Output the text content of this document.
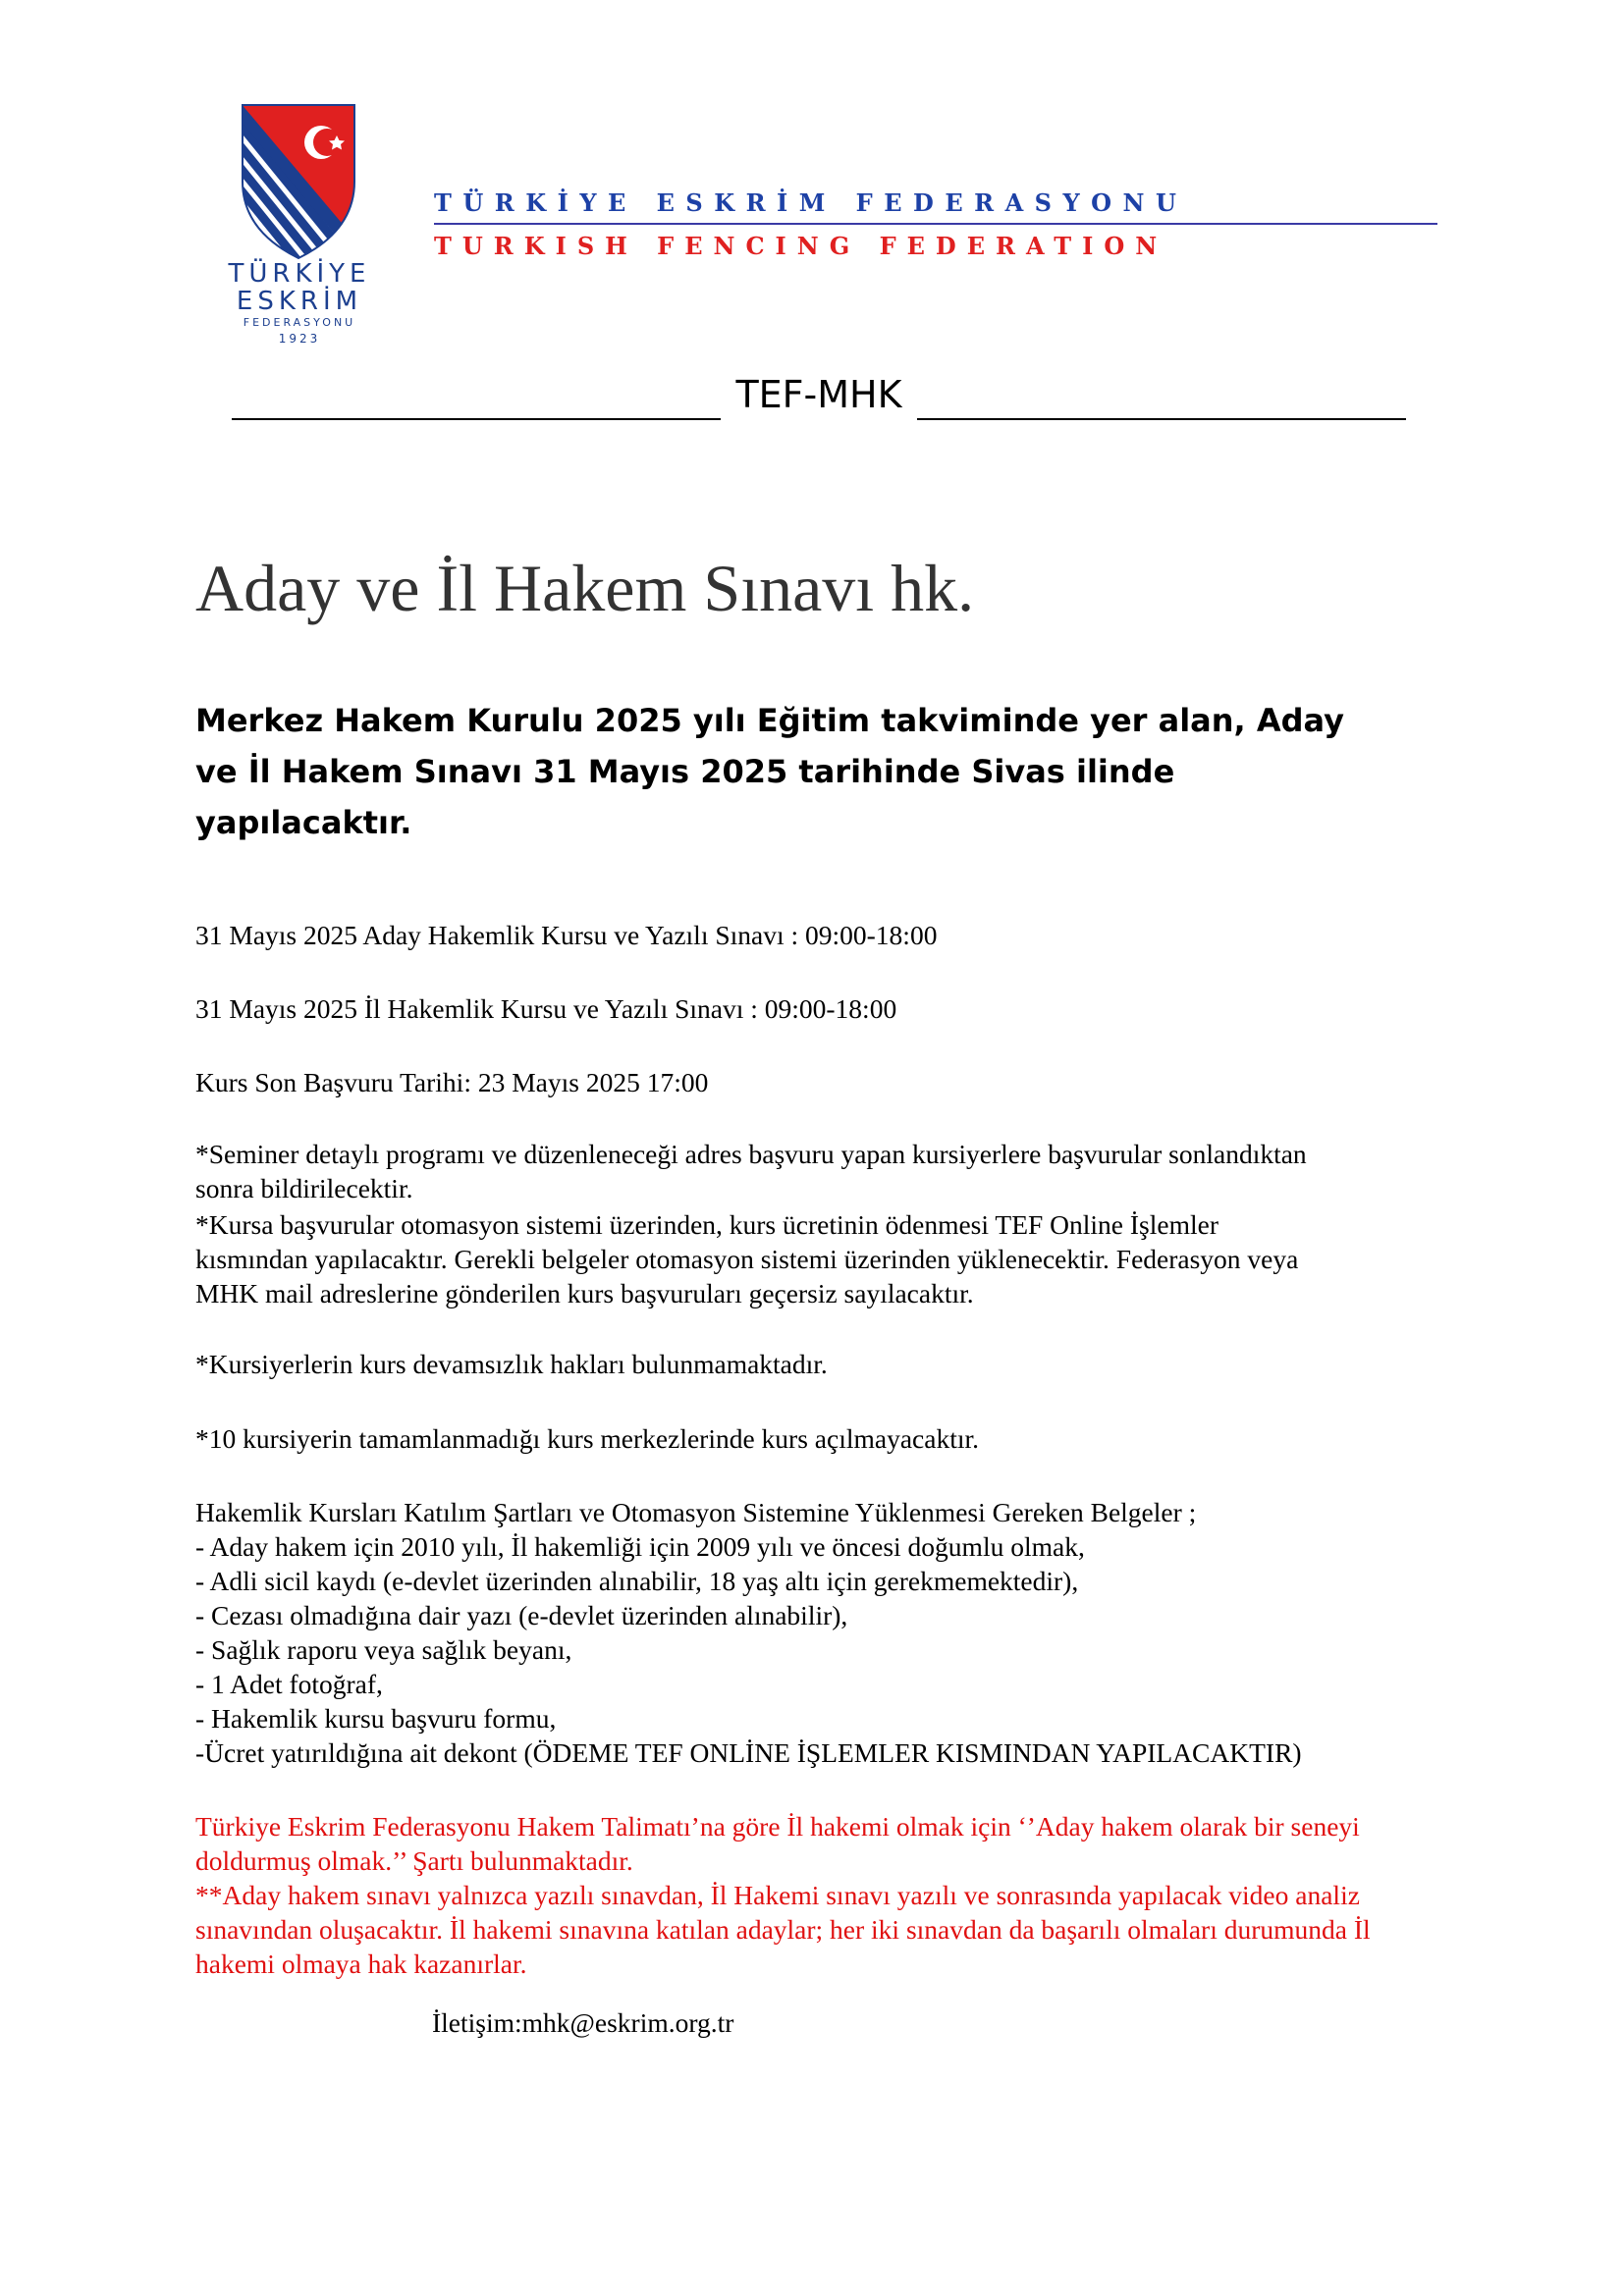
TÜRKİYE
ESKRİM
FEDERASYONU
1923
TÜRKİYE ESKRİM FEDERASYONU
TURKISH FENCING FEDERATION
TEF-MHK
Aday ve İl Hakem Sınavı hk.
Merkez Hakem Kurulu 2025 yılı Eğitim takviminde yer alan, Aday
ve İl Hakem Sınavı 31 Mayıs 2025 tarihinde Sivas ilinde
yapılacaktır.
31 Mayıs 2025 Aday Hakemlik Kursu ve Yazılı Sınavı : 09:00-18:00
31 Mayıs 2025 İl Hakemlik Kursu ve Yazılı Sınavı : 09:00-18:00
Kurs Son Başvuru Tarihi: 23 Mayıs 2025 17:00
*Seminer detaylı programı ve düzenleneceği adres başvuru yapan kursiyerlere başvurular sonlandıktan
sonra bildirilecektir.
*Kursa başvurular otomasyon sistemi üzerinden, kurs ücretinin ödenmesi TEF Online İşlemler
kısmından yapılacaktır. Gerekli belgeler otomasyon sistemi üzerinden yüklenecektir. Federasyon veya
MHK mail adreslerine gönderilen kurs başvuruları geçersiz sayılacaktır.
*Kursiyerlerin kurs devamsızlık hakları bulunmamaktadır.
*10 kursiyerin tamamlanmadığı kurs merkezlerinde kurs açılmayacaktır.
Hakemlik Kursları Katılım Şartları ve Otomasyon Sistemine Yüklenmesi Gereken Belgeler ;
- Aday hakem için 2010 yılı, İl hakemliği için 2009 yılı ve öncesi doğumlu olmak,
- Adli sicil kaydı (e-devlet üzerinden alınabilir, 18 yaş altı için gerekmemektedir),
- Cezası olmadığına dair yazı (e-devlet üzerinden alınabilir),
- Sağlık raporu veya sağlık beyanı,
- 1 Adet fotoğraf,
- Hakemlik kursu başvuru formu,
-Ücret yatırıldığına ait dekont (ÖDEME TEF ONLİNE İŞLEMLER KISMINDAN YAPILACAKTIR)
Türkiye Eskrim Federasyonu Hakem Talimatı’na göre İl hakemi olmak için ‘’Aday hakem olarak bir seneyi
doldurmuş olmak.’’ Şartı bulunmaktadır.
**Aday hakem sınavı yalnızca yazılı sınavdan, İl Hakemi sınavı yazılı ve sonrasında yapılacak video analiz
sınavından oluşacaktır. İl hakemi sınavına katılan adaylar; her iki sınavdan da başarılı olmaları durumunda İl
hakemi olmaya hak kazanırlar.
İletişim:mhk@eskrim.org.tr
